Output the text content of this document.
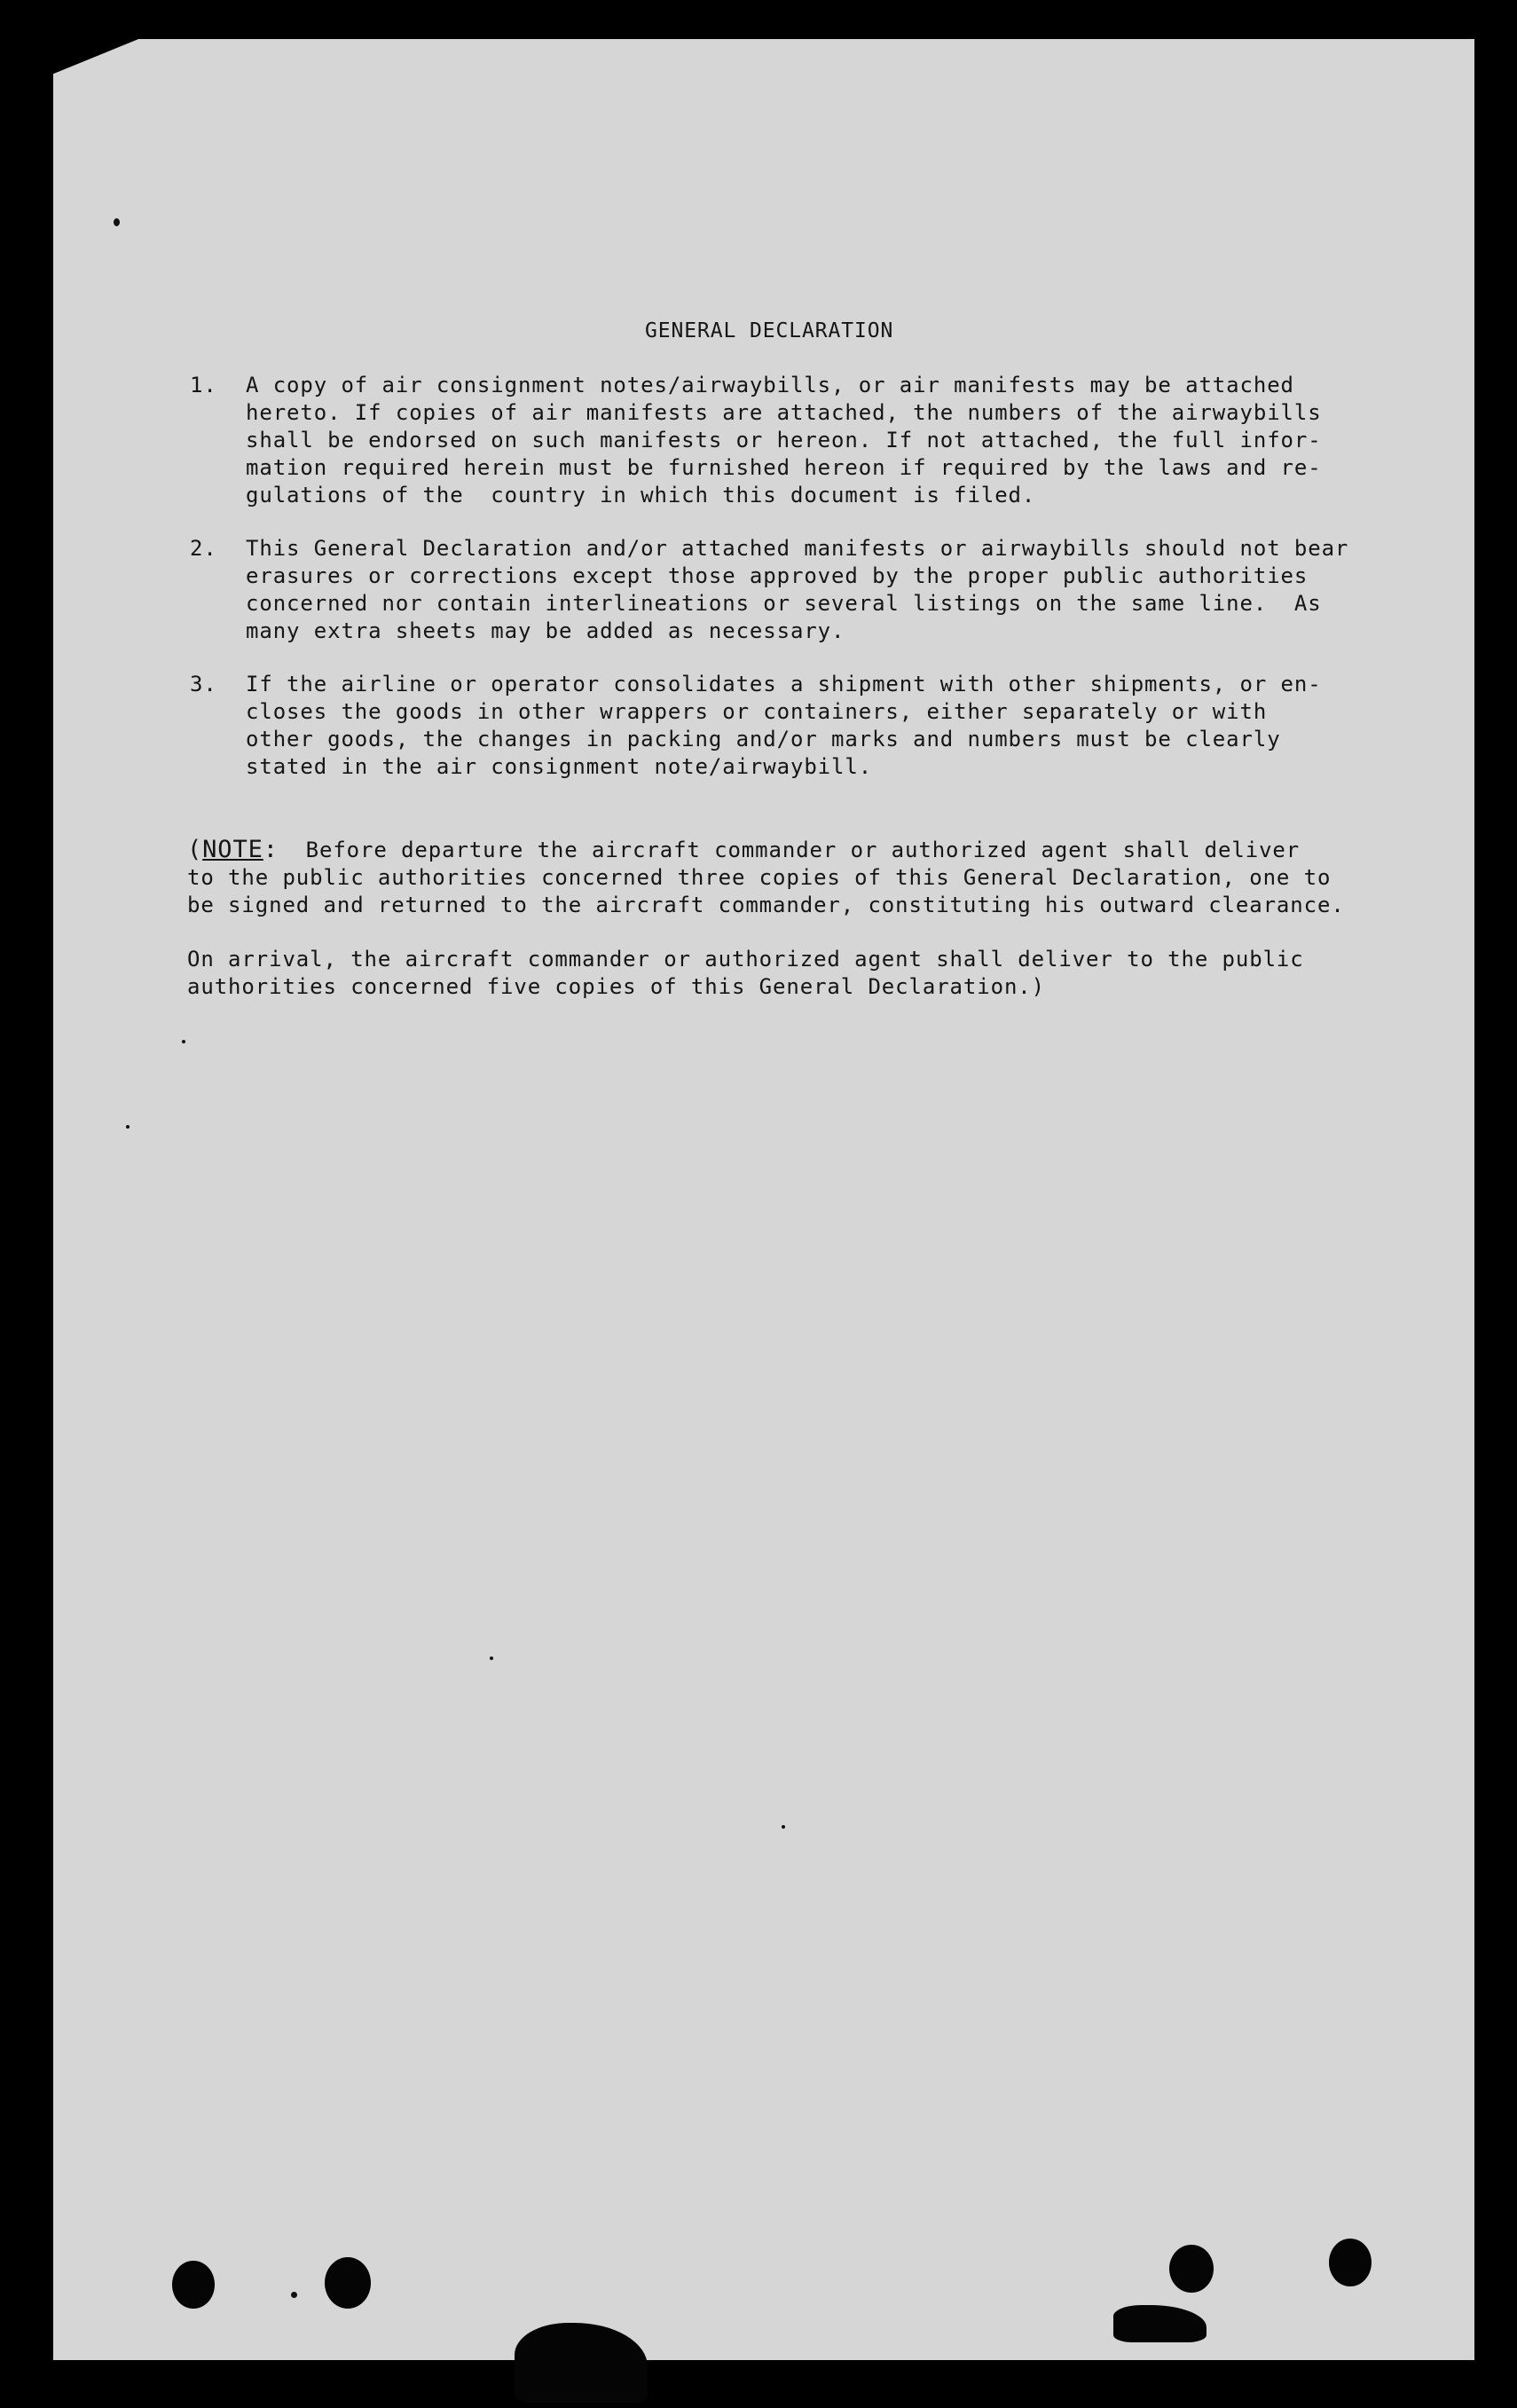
GENERAL DECLARATION
1.	A copy of air consignment notes/airwaybills, or air manifests may be attached
hereto. If copies of air manifests are attached, the numbers of the airwaybills
shall be endorsed on such manifests or hereon. If not attached, the full infor-
mation required herein must be furnished hereon if required by the laws and re-
gulations of the  country in which this document is filed.
2.	This General Declaration and/or attached manifests or airwaybills should not bear
erasures or corrections except those approved by the proper public authorities
concerned nor contain interlineations or several listings on the same line.  As
many extra sheets may be added as necessary.
3.	If the airline or operator consolidates a shipment with other shipments, or en-
closes the goods in other wrappers or containers, either separately or with
other goods, the changes in packing and/or marks and numbers must be clearly
stated in the air consignment note/airwaybill.
(NOTE:  Before departure the aircraft commander or authorized agent shall deliver
to the public authorities concerned three copies of this General Declaration, one to
be signed and returned to the aircraft commander, constituting his outward clearance.
On arrival, the aircraft commander or authorized agent shall deliver to the public
authorities concerned five copies of this General Declaration.)
